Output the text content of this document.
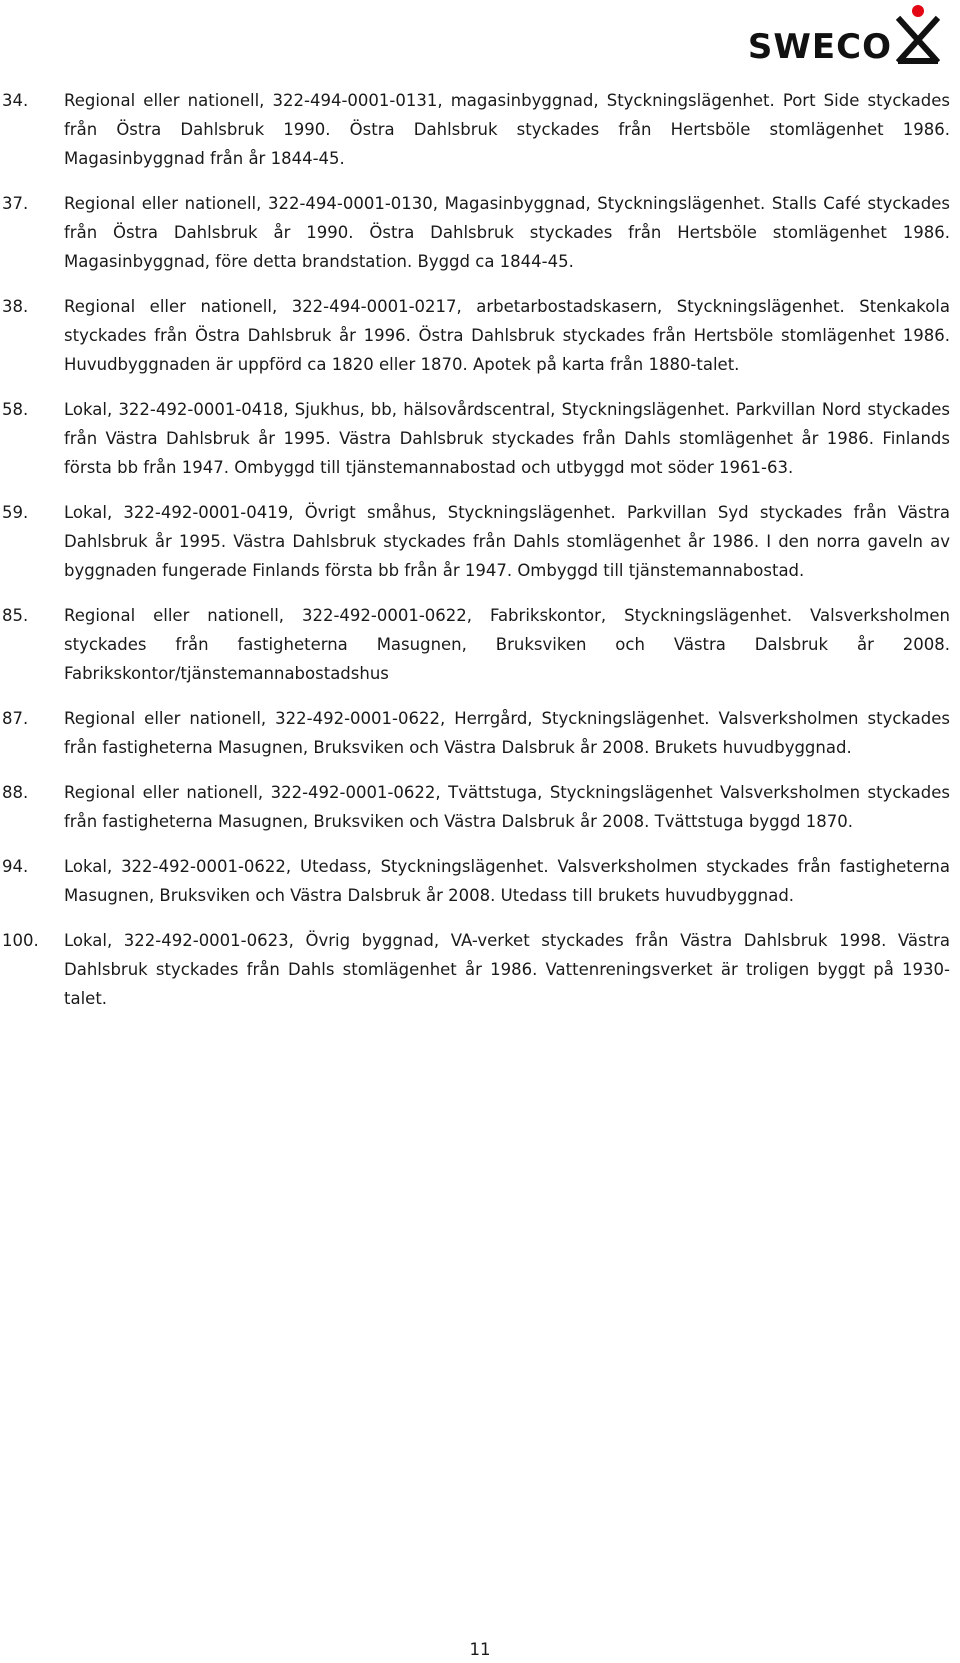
SWECO
34.	Regional eller nationell, 322-494-0001-0131, magasinbyggnad, Styckningslägenhet. Port Side styckades från Östra Dahlsbruk 1990. Östra Dahlsbruk styckades från Hertsböle stomlägenhet 1986. Magasinbyggnad från år 1844-45.
37.	Regional eller nationell, 322-494-0001-0130, Magasinbyggnad, Styckningslägenhet. Stalls Café styckades från Östra Dahlsbruk år 1990. Östra Dahlsbruk styckades från Hertsböle stomlägenhet 1986. Magasinbyggnad, före detta brandstation. Byggd ca 1844-45.
38.	Regional eller nationell, 322-494-0001-0217, arbetarbostadskasern, Styckningslägenhet. Stenkakola styckades från Östra Dahlsbruk år 1996. Östra Dahlsbruk styckades från Hertsböle stomlägenhet 1986. Huvudbyggnaden är uppförd ca 1820 eller 1870. Apotek på karta från 1880-talet.
58.	Lokal, 322-492-0001-0418, Sjukhus, bb, hälsovårdscentral, Styckningslägenhet. Parkvillan Nord styckades från Västra Dahlsbruk år 1995. Västra Dahlsbruk styckades från Dahls stomlägenhet år 1986. Finlands första bb från 1947. Ombyggd till tjänstemannabostad och utbyggd mot söder 1961-63.
59.	Lokal, 322-492-0001-0419, Övrigt småhus, Styckningslägenhet. Parkvillan Syd styckades från Västra Dahlsbruk år 1995. Västra Dahlsbruk styckades från Dahls stomlägenhet år 1986. I den norra gaveln av byggnaden fungerade Finlands första bb från år 1947. Ombyggd till tjänstemannabostad.
85.	Regional eller nationell, 322-492-0001-0622, Fabrikskontor, Styckningslägenhet. Valsverksholmen styckades från fastigheterna Masugnen, Bruksviken och Västra Dalsbruk år 2008. Fabrikskontor/tjänstemannabostadshus
87.	Regional eller nationell, 322-492-0001-0622, Herrgård, Styckningslägenhet. Valsverksholmen styckades från fastigheterna Masugnen, Bruksviken och Västra Dalsbruk år 2008. Brukets huvudbyggnad.
88.	Regional eller nationell, 322-492-0001-0622, Tvättstuga, Styckningslägenhet Valsverksholmen styckades från fastigheterna Masugnen, Bruksviken och Västra Dalsbruk år 2008. Tvättstuga byggd 1870.
94.	Lokal, 322-492-0001-0622, Utedass, Styckningslägenhet. Valsverksholmen styckades från fastigheterna Masugnen, Bruksviken och Västra Dalsbruk år 2008. Utedass till brukets huvudbyggnad.
100.	Lokal, 322-492-0001-0623, Övrig byggnad, VA-verket styckades från Västra Dahlsbruk 1998. Västra Dahlsbruk styckades från Dahls stomlägenhet år 1986. Vattenreningsverket är troligen byggt på 1930-talet.
11
